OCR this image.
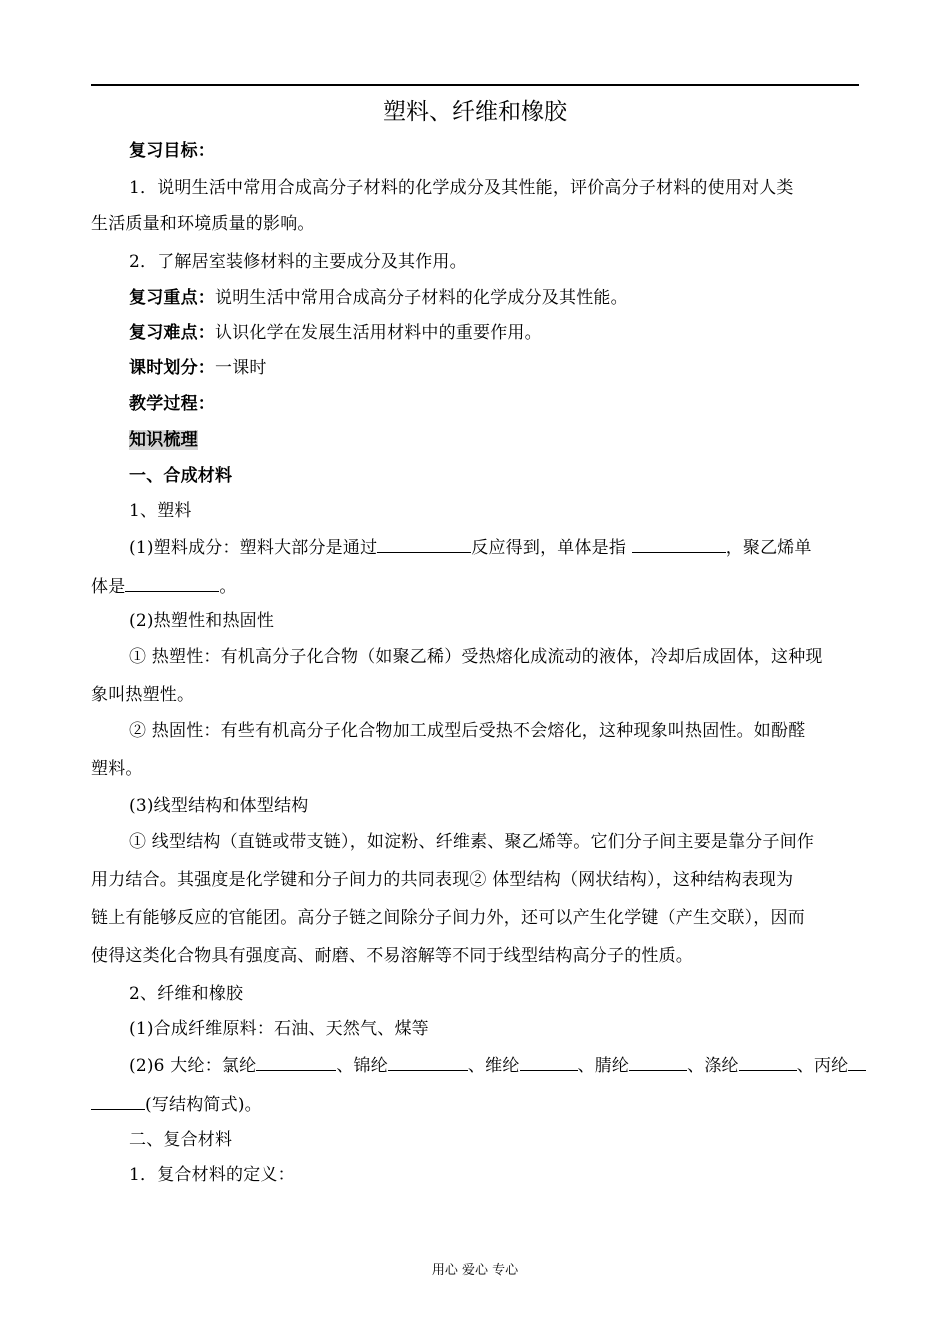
塑料、纤维和橡胶
复习目标：
1．说明生活中常用合成高分子材料的化学成分及其性能，评价高分子材料的使用对人类
生活质量和环境质量的影响。
2．了解居室装修材料的主要成分及其作用。
复习重点：说明生活中常用合成高分子材料的化学成分及其性能。
复习难点：认识化学在发展生活用材料中的重要作用。
课时划分：一课时
教学过程：
知识梳理
一、合成材料
1、塑料
(1)塑料成分：塑料大部分是通过	反应得到，单体是指	，聚乙烯单
体是	。
(2)热塑性和热固性
① 热塑性：有机高分子化合物（如聚乙稀）受热熔化成流动的液体，冷却后成固体，这种现
象叫热塑性。
② 热固性：有些有机高分子化合物加工成型后受热不会熔化，这种现象叫热固性。如酚醛
塑料。
(3)线型结构和体型结构
① 线型结构（直链或带支链），如淀粉、纤维素、聚乙烯等。它们分子间主要是靠分子间作
用力结合。其强度是化学键和分子间力的共同表现② 体型结构（网状结构），这种结构表现为
链上有能够反应的官能团。高分子链之间除分子间力外，还可以产生化学键（产生交联），因而
使得这类化合物具有强度高、耐磨、不易溶解等不同于线型结构高分子的性质。
2、纤维和橡胶
(1)合成纤维原料：石油、天然气、煤等
(2)6 大纶：氯纶	、锦纶	、维纶	、腈纶	、涤纶	、丙纶
(写结构简式)。
二、复合材料
1．复合材料的定义：
用心 爱心 专心
